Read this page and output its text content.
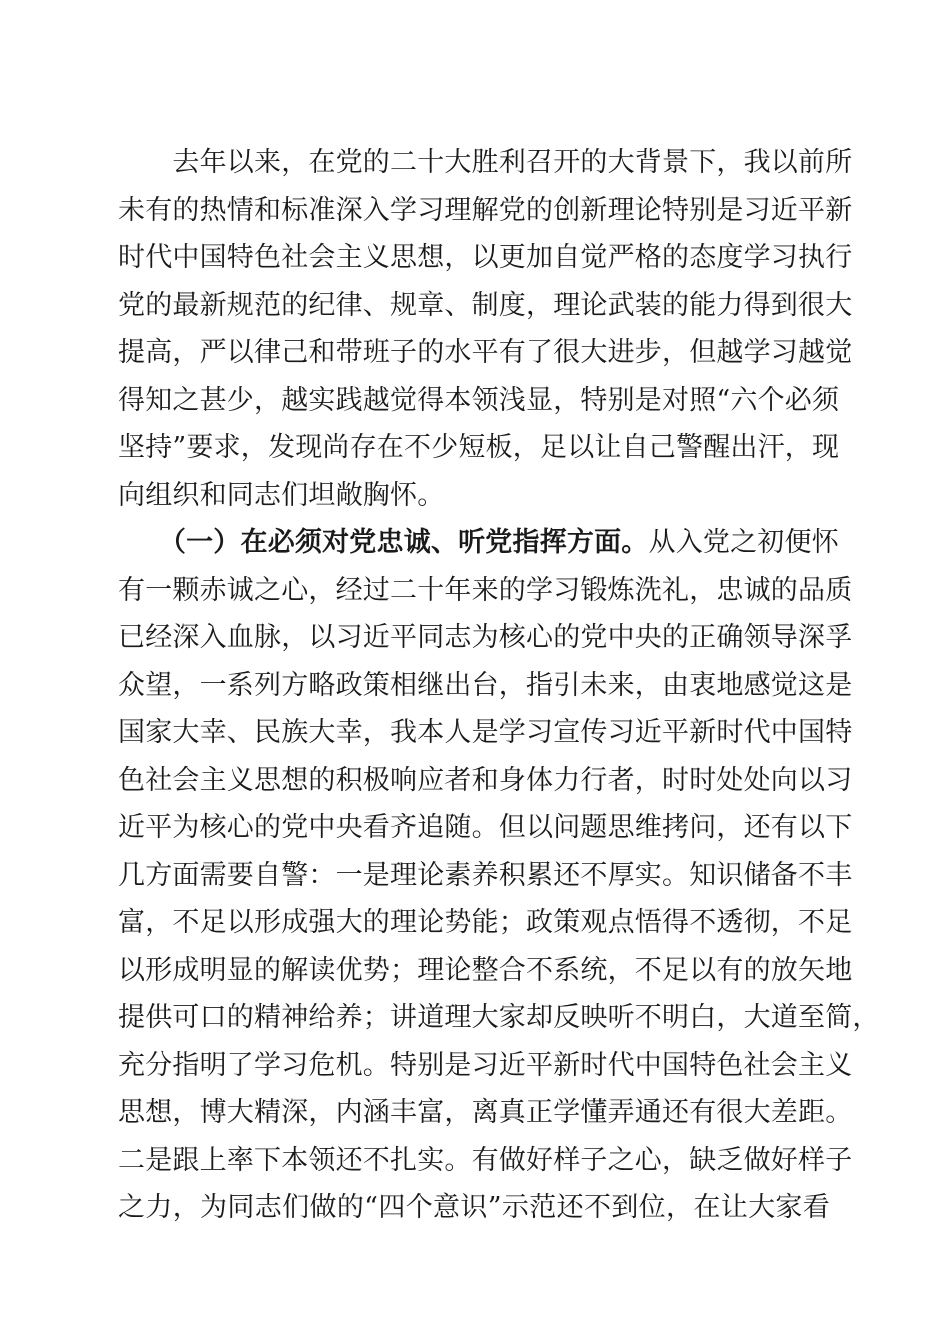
　　去年以来，在党的二十大胜利召开的大背景下，我以前所
未有的热情和标准深入学习理解党的创新理论特别是习近平新
时代中国特色社会主义思想，以更加自觉严格的态度学习执行
党的最新规范的纪律、规章、制度，理论武装的能力得到很大
提高，严以律己和带班子的水平有了很大进步，但越学习越觉
得知之甚少，越实践越觉得本领浅显，特别是对照“六个必须
坚持”要求，发现尚存在不少短板，足以让自己警醒出汗，现
向组织和同志们坦敞胸怀。
　　（一）在必须对党忠诚、听党指挥方面。从入党之初便怀
有一颗赤诚之心，经过二十年来的学习锻炼洗礼，忠诚的品质
已经深入血脉，以习近平同志为核心的党中央的正确领导深孚
众望，一系列方略政策相继出台，指引未来，由衷地感觉这是
国家大幸、民族大幸，我本人是学习宣传习近平新时代中国特
色社会主义思想的积极响应者和身体力行者，时时处处向以习
近平为核心的党中央看齐追随。但以问题思维拷问，还有以下
几方面需要自警：一是理论素养积累还不厚实。知识储备不丰
富，不足以形成强大的理论势能；政策观点悟得不透彻，不足
以形成明显的解读优势；理论整合不系统，不足以有的放矢地
提供可口的精神给养；讲道理大家却反映听不明白，大道至简，
充分指明了学习危机。特别是习近平新时代中国特色社会主义
思想，博大精深，内涵丰富，离真正学懂弄通还有很大差距。
二是跟上率下本领还不扎实。有做好样子之心，缺乏做好样子
之力，为同志们做的“四个意识”示范还不到位，在让大家看
